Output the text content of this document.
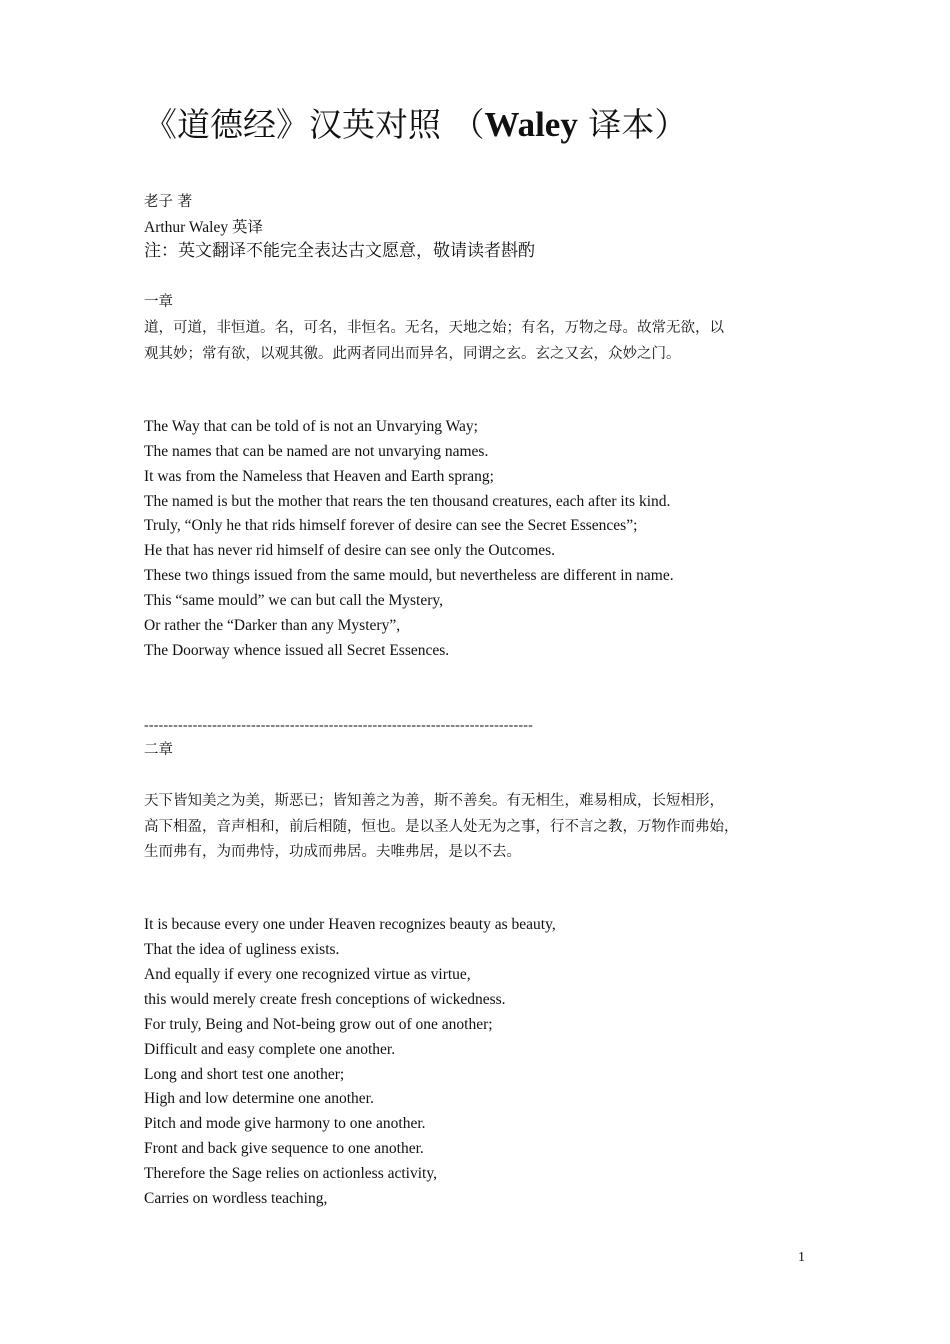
《道德经》汉英对照 （Waley 译本）
老子 著
Arthur Waley 英译
注：英文翻译不能完全表达古文愿意，敬请读者斟酌
一章
道，可道，非恒道。名，可名，非恒名。无名，天地之始；有名，万物之母。故常无欲，以
观其妙；常有欲，以观其徼。此两者同出而异名，同谓之玄。玄之又玄，众妙之门。
The Way that can be told of is not an Unvarying Way;
The names that can be named are not unvarying names.
It was from the Nameless that Heaven and Earth sprang;
The named is but the mother that rears the ten thousand creatures, each after its kind.
Truly, “Only he that rids himself forever of desire can see the Secret Essences”;
He that has never rid himself of desire can see only the Outcomes.
These two things issued from the same mould, but nevertheless are different in name.
This “same mould” we can but call the Mystery,
Or rather the “Darker than any Mystery”,
The Doorway whence issued all Secret Essences.
--------------------------------------------------------------------------------
二章
天下皆知美之为美，斯恶已；皆知善之为善，斯不善矣。有无相生，难易相成，长短相形，
高下相盈，音声相和，前后相随，恒也。是以圣人处无为之事，行不言之教，万物作而弗始，
生而弗有，为而弗恃，功成而弗居。夫唯弗居，是以不去。
It is because every one under Heaven recognizes beauty as beauty,
That the idea of ugliness exists.
And equally if every one recognized virtue as virtue,
this would merely create fresh conceptions of wickedness.
For truly, Being and Not-being grow out of one another;
Difficult and easy complete one another.
Long and short test one another;
High and low determine one another.
Pitch and mode give harmony to one another.
Front and back give sequence to one another.
Therefore the Sage relies on actionless activity,
Carries on wordless teaching,
1
